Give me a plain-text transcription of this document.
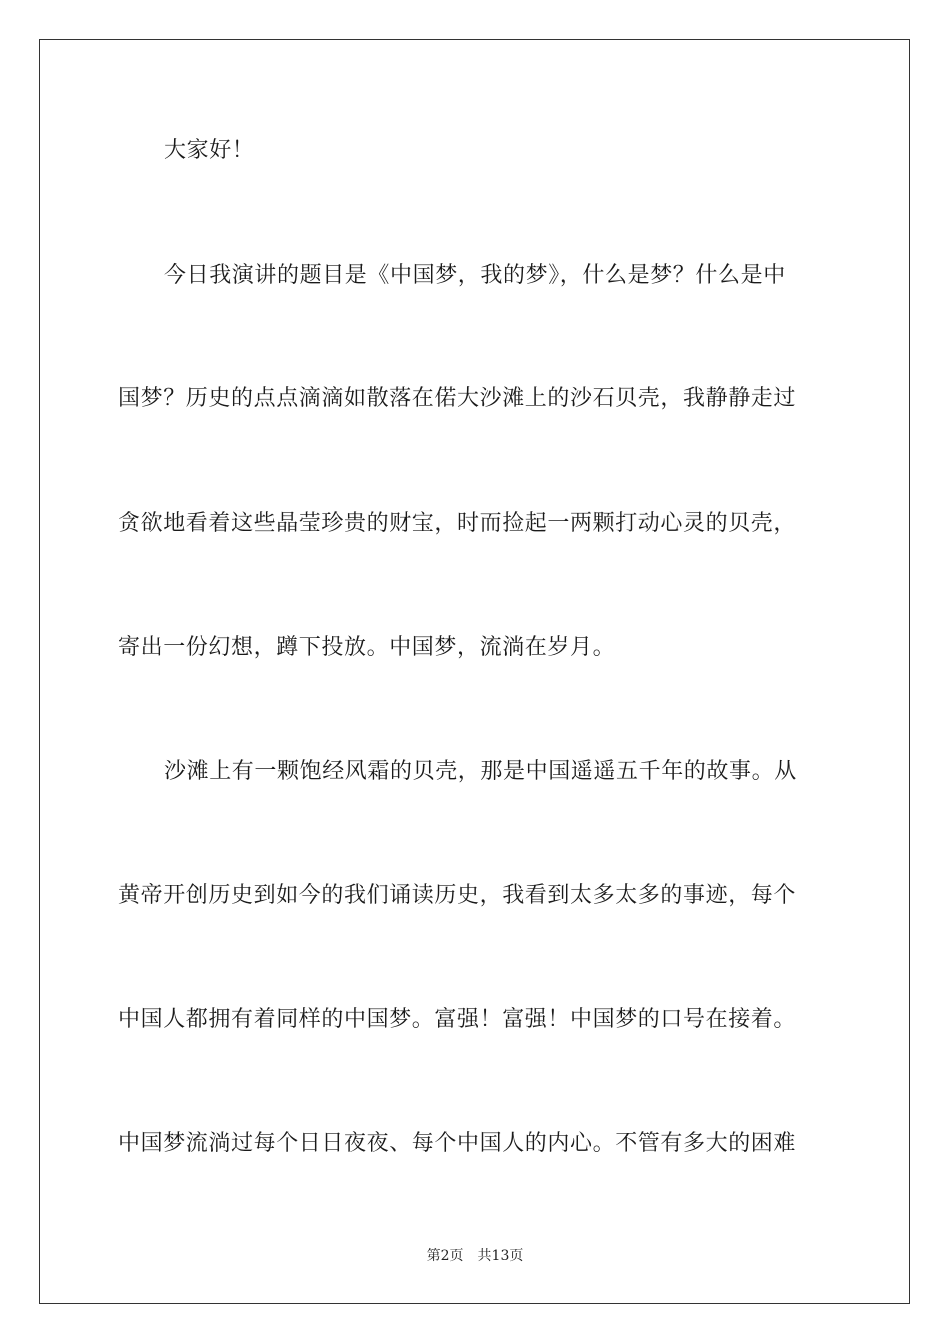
大家好！
今日我演讲的题目是《中国梦，我的梦》，什么是梦？什么是中
国梦？历史的点点滴滴如散落在偌大沙滩上的沙石贝壳，我静静走过
贪欲地看着这些晶莹珍贵的财宝，时而捡起一两颗打动心灵的贝壳，
寄出一份幻想，蹲下投放。中国梦，流淌在岁月。
沙滩上有一颗饱经风霜的贝壳，那是中国遥遥五千年的故事。从
黄帝开创历史到如今的我们诵读历史，我看到太多太多的事迹，每个
中国人都拥有着同样的中国梦。富强！富强！中国梦的口号在接着。
中国梦流淌过每个日日夜夜、每个中国人的内心。不管有多大的困难
第2页 共13页
